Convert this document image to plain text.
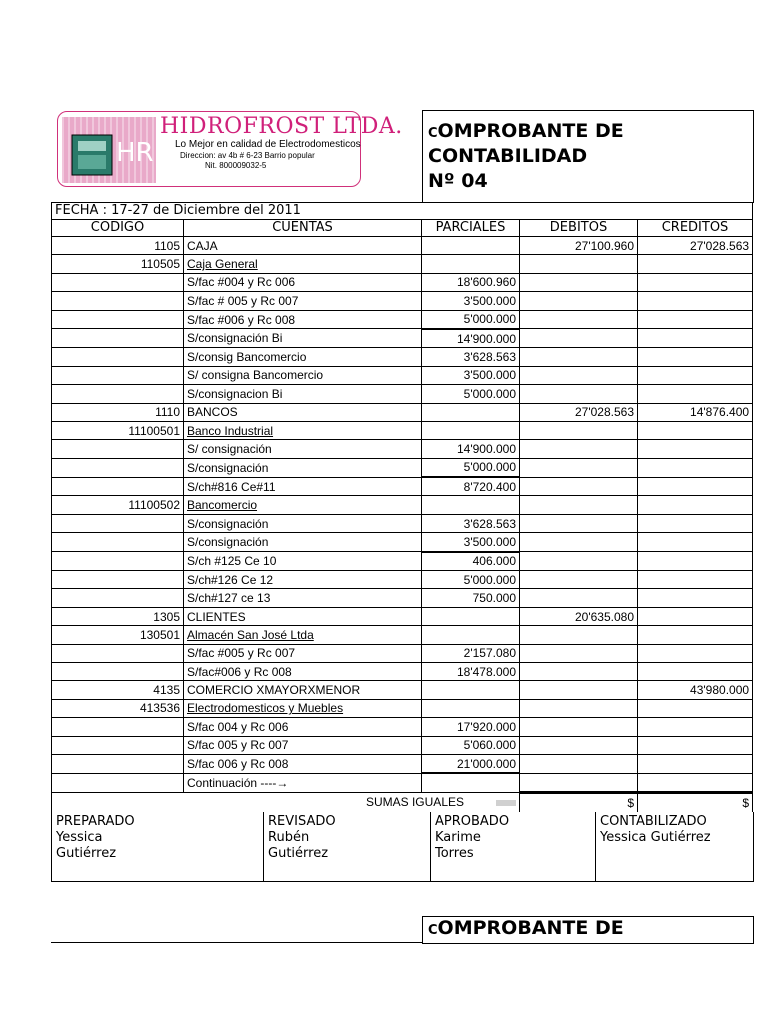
HR
HIDROFROST LTDA.
Lo Mejor en calidad de Electrodomesticos
Direccion: av 4b # 6-23 Barrio popular
Nit. 800009032-5
COMPROBANTE DE
CONTABILIDAD
Nº 04
FECHA : 17-27 de Diciembre del 2011				
CODIGO	CUENTAS	PARCIALES	DEBITOS	CREDITOS
1105	CAJA		27'100.960	27'028.563
110505	Caja General			
	S/fac #004 y Rc 006	18'600.960		
	S/fac # 005 y Rc 007	3'500.000		
	S/fac #006 y Rc 008	5'000.000		
	S/consignación Bi	14'900.000		
	S/consig Bancomercio	3'628.563		
	S/ consigna Bancomercio	3'500.000		
	S/consignacion Bi	5'000.000		
1110	BANCOS		27'028.563	14'876.400
11100501	Banco Industrial			
	S/ consignación	14'900.000		
	S/consignación	5'000.000		
	S/ch#816 Ce#11	8'720.400		
11100502	Bancomercio			
	S/consignación	3'628.563		
	S/consignación	3'500.000		
	S/ch #125 Ce 10	406.000		
	S/ch#126 Ce 12	5'000.000		
	S/ch#127 ce 13	750.000		
1305	CLIENTES		20'635.080	
130501	Almacén San José Ltda			
	S/fac #005 y Rc 007	2'157.080		
	S/fac#006 y Rc 008	18'478.000		
4135	COMERCIO XMAYORXMENOR			43'980.000
413536	Electrodomesticos y Muebles			
	S/fac 004 y Rc 006	17'920.000		
	S/fac 005 y Rc 007	5'060.000		
	S/fac 006 y Rc 008	21'000.000		
	Continuación ----→			
SUMAS IGUALES			$	$
PREPARADO
Yessica
Gutiérrez
REVISADO
Rubén
Gutiérrez
APROBADO
Karime
Torres
CONTABILIZADO
Yessica Gutiérrez
COMPROBANTE DE
